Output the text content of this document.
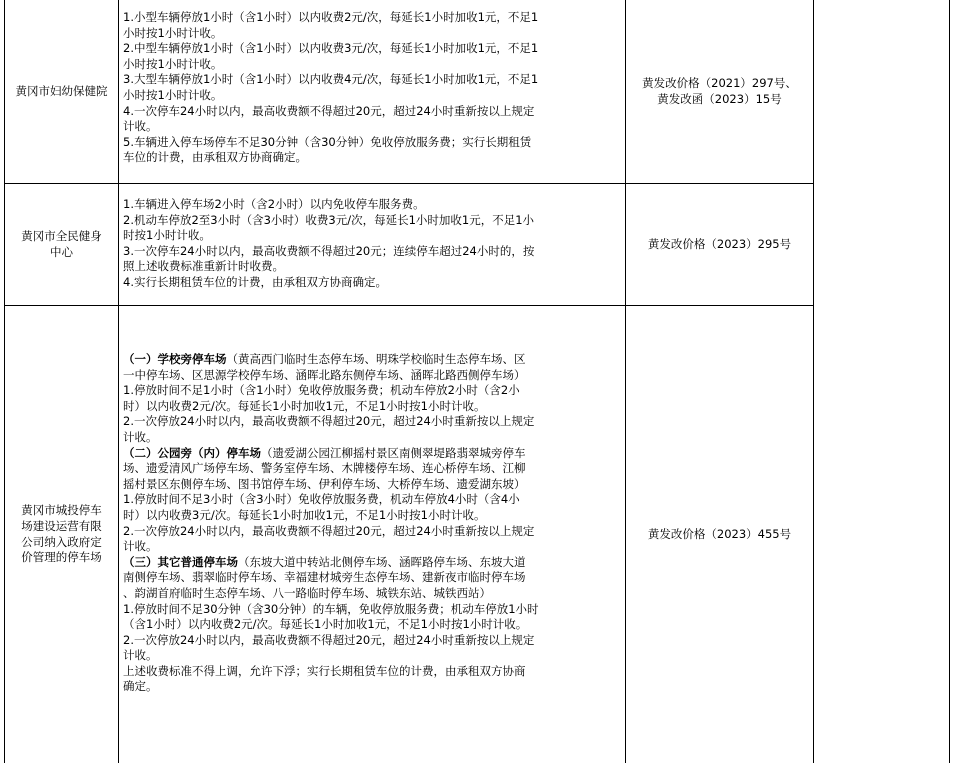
黄冈市妇幼保健院

1.小型车辆停放1小时（含1小时）以内收费2元/次，每延长1小时加收1元，不足1
小时按1小时计收。

2.中型车辆停放1小时（含1小时）以内收费3元/次，每延长1小时加收1元，不足1
小时按1小时计收。

3.大型车辆停放1小时（含1小时）以内收费4元/次，每延长1小时加收1元，不足1
小时按1小时计收。

4.一次停车24小时以内，最高收费额不得超过20元，超过24小时重新按以上规定
计收。

5.车辆进入停车场停车不足30分钟（含30分钟）免收停放服务费；实行长期租赁
车位的计费，由承租双方协商确定。

黄发改价格（2021）297号、
黄发改函（2023）15号
黄冈市全民健身
中心

1.车辆进入停车场2小时（含2小时）以内免收停车服务费。

2.机动车停放2至3小时（含3小时）收费3元/次，每延长1小时加收1元，不足1小
时按1小时计收。

3.一次停车24小时以内，最高收费额不得超过20元；连续停车超过24小时的，按
照上述收费标准重新计时收费。

4.实行长期租赁车位的计费，由承租双方协商确定。

黄发改价格（2023）295号
黄冈市城投停车
场建设运营有限
公司纳入政府定
价管理的停车场

（一）学校旁停车场（黄高西门临时生态停车场、明珠学校临时生态停车场、区
一中停车场、区思源学校停车场、涵晖北路东侧停车场、涵晖北路西侧停车场）

1.停放时间不足1小时（含1小时）免收停放服务费；机动车停放2小时（含2小
时）以内收费2元/次。每延长1小时加收1元，不足1小时按1小时计收。

2.一次停放24小时以内，最高收费额不得超过20元，超过24小时重新按以上规定
计收。

（二）公园旁（内）停车场（遗爱湖公园江柳摇村景区南侧翠堤路翡翠城旁停车
场、遗爱清风广场停车场、警务室停车场、木牌楼停车场、连心桥停车场、江柳
摇村景区东侧停车场、图书馆停车场、伊利停车场、大桥停车场、遗爱湖东坡）

1.停放时间不足3小时（含3小时）免收停放服务费，机动车停放4小时（含4小
时）以内收费3元/次。每延长1小时加收1元，不足1小时按1小时计收。

2.一次停放24小时以内，最高收费额不得超过20元，超过24小时重新按以上规定
计收。

（三）其它普通停车场（东坡大道中转站北侧停车场、涵晖路停车场、东坡大道
南侧停车场、翡翠临时停车场、幸福建材城旁生态停车场、建新夜市临时停车场
、韵湖首府临时生态停车场、八一路临时停车场、城铁东站、城铁西站）

1.停放时间不足30分钟（含30分钟）的车辆，免收停放服务费；机动车停放1小时
（含1小时）以内收费2元/次。每延长1小时加收1元，不足1小时按1小时计收。

2.一次停放24小时以内，最高收费额不得超过20元，超过24小时重新按以上规定
计收。

上述收费标准不得上调，允许下浮；实行长期租赁车位的计费，由承租双方协商
确定。

黄发改价格（2023）455号
